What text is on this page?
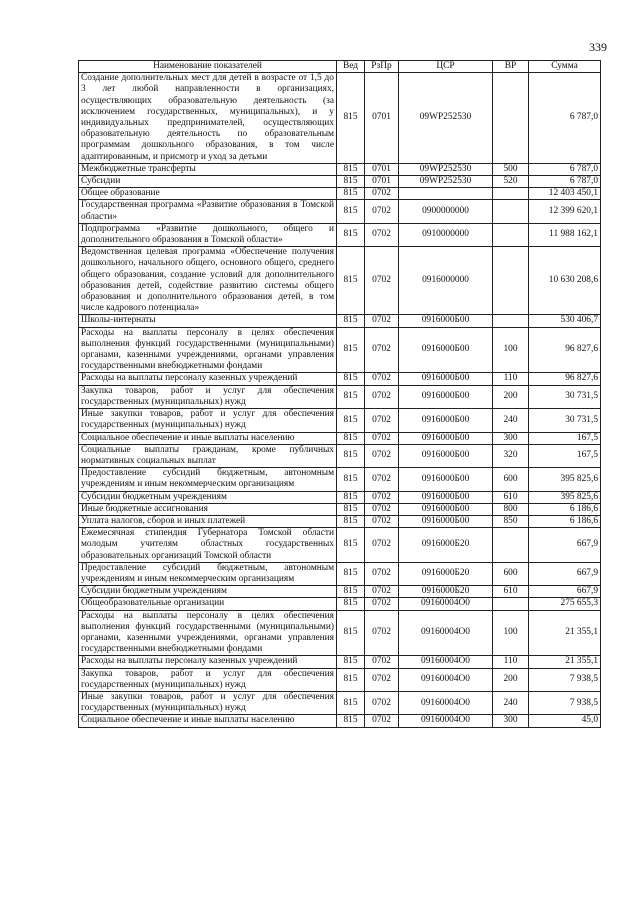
339
Наименование показателей	Вед	РзПр	ЦСР	ВР	Сумма
Создание дополнительных мест для детей в возрасте от 1,5 до 3 лет любой направленности в организациях, осуществляющих образовательную деятельность (за исключением государственных, муниципальных), и у индивидуальных предпринимателей, осуществляющих образовательную деятельность по образовательным программам дошкольного образования, в том числе адаптированным, и присмотр и уход за детьми	815	0701	09WP252530		6 787,0
Межбюджетные трансферты	815	0701	09WP252530	500	6 787,0
Субсидии	815	0701	09WP252530	520	6 787,0
Общее образование	815	0702			12 403 450,1
Государственная программа «Развитие образования в Томской области»	815	0702	0900000000		12 399 620,1
Подпрограмма «Развитие дошкольного, общего и дополнительного образования в Томской области»	815	0702	0910000000		11 988 162,1
Ведомственная целевая программа «Обеспечение получения дошкольного, начального общего, основного общего, среднего общего образования, создание условий для дополнительного образования детей, содействие развитию системы общего образования и дополнительного образования детей, в том числе кадрового потенциала»	815	0702	0916000000		10 630 208,6
Школы-интернаты	815	0702	0916000Б00		530 406,7
Расходы на выплаты персоналу в целях обеспечения выполнения функций государственными (муниципальными) органами, казенными учреждениями, органами управления государственными внебюджетными фондами	815	0702	0916000Б00	100	96 827,6
Расходы на выплаты персоналу казенных учреждений	815	0702	0916000Б00	110	96 827,6
Закупка товаров, работ и услуг для обеспечения государственных (муниципальных) нужд	815	0702	0916000Б00	200	30 731,5
Иные закупки товаров, работ и услуг для обеспечения государственных (муниципальных) нужд	815	0702	0916000Б00	240	30 731,5
Социальное обеспечение и иные выплаты населению	815	0702	0916000Б00	300	167,5
Социальные выплаты гражданам, кроме публичных нормативных социальных выплат	815	0702	0916000Б00	320	167,5
Предоставление субсидий бюджетным, автономным учреждениям и иным некоммерческим организациям	815	0702	0916000Б00	600	395 825,6
Субсидии бюджетным учреждениям	815	0702	0916000Б00	610	395 825,6
Иные бюджетные ассигнования	815	0702	0916000Б00	800	6 186,6
Уплата налогов, сборов и иных платежей	815	0702	0916000Б00	850	6 186,6
Ежемесячная стипендия Губернатора Томской области молодым учителям областных государственных образовательных организаций Томской области	815	0702	0916000Б20		667,9
Предоставление субсидий бюджетным, автономным учреждениям и иным некоммерческим организациям	815	0702	0916000Б20	600	667,9
Субсидии бюджетным учреждениям	815	0702	0916000Б20	610	667,9
Общеобразовательные организации	815	0702	09160004О0		275 655,3
Расходы на выплаты персоналу в целях обеспечения выполнения функций государственными (муниципальными) органами, казенными учреждениями, органами управления государственными внебюджетными фондами	815	0702	09160004О0	100	21 355,1
Расходы на выплаты персоналу казенных учреждений	815	0702	09160004О0	110	21 355,1
Закупка товаров, работ и услуг для обеспечения государственных (муниципальных) нужд	815	0702	09160004О0	200	7 938,5
Иные закупки товаров, работ и услуг для обеспечения государственных (муниципальных) нужд	815	0702	09160004О0	240	7 938,5
Социальное обеспечение и иные выплаты населению	815	0702	09160004О0	300	45,0
